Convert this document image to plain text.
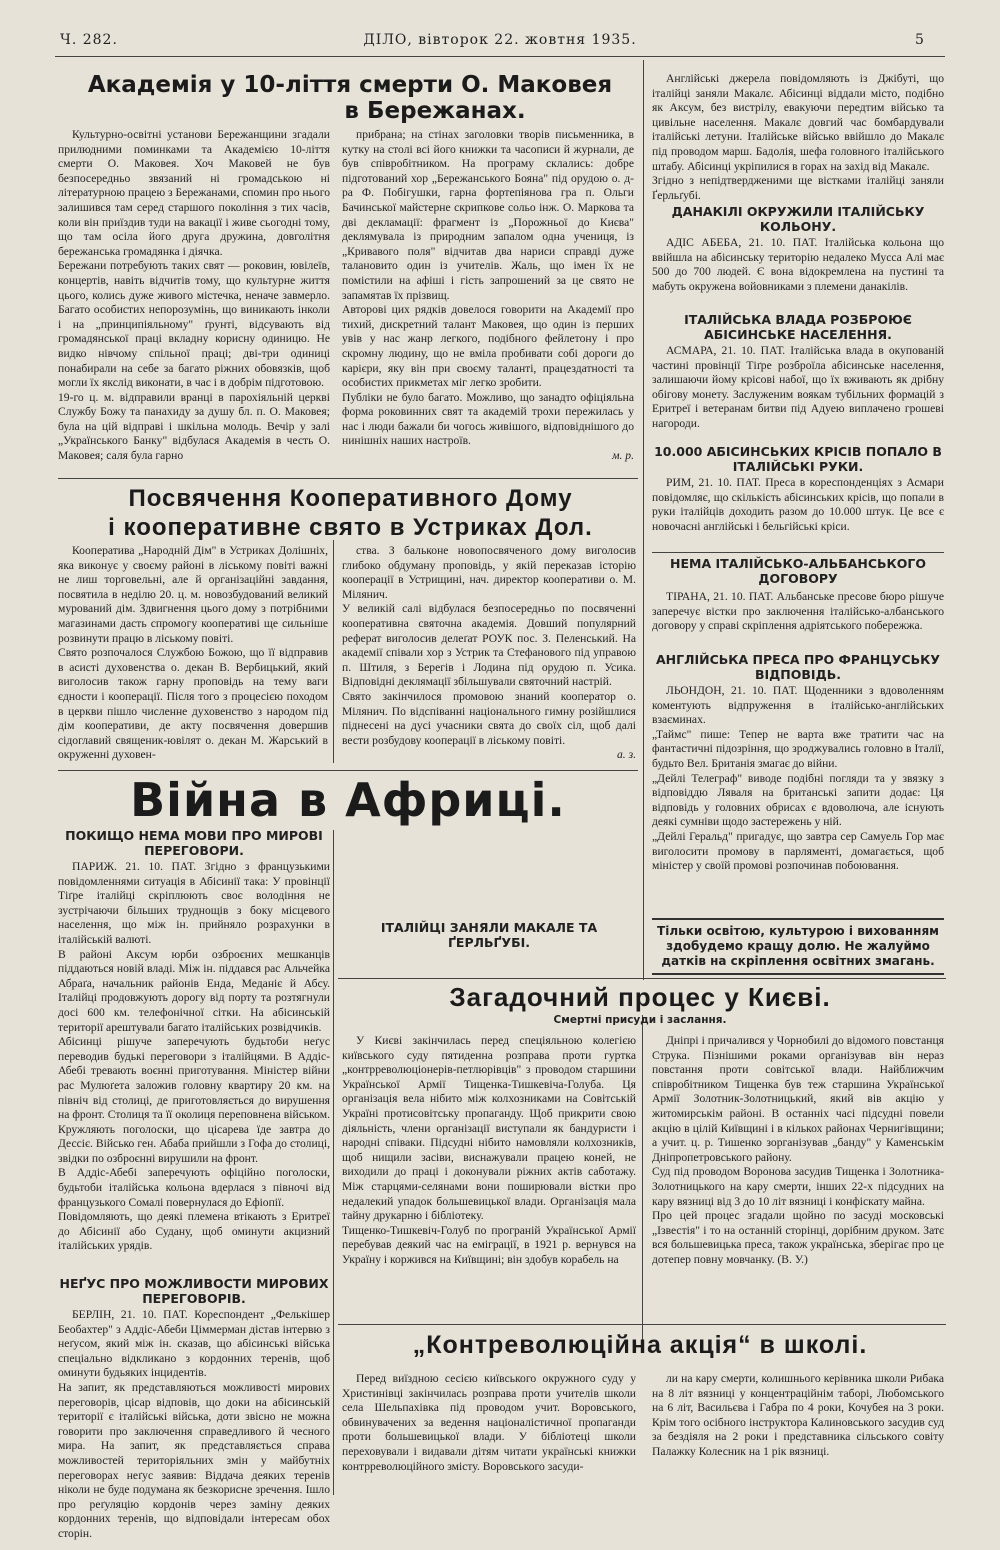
Ч. 282.	ДІЛО, вівторок 22. жовтня 1935.	5
Академія у 10-ліття смерти О. Маковея
в Бережанах.

Культурно-освітні установи Бережанщини згадали прилюдними поминками та Академією 10-ліття смерти О. Маковея. Хоч Маковей не був безпосередньо звязаний ні громадською ні літературною працею з Бережанами, спомин про нього залишився там серед старшого покоління з тих часів, коли він приїздив туди на вакації і живе сьогодні тому, що там осіла його друга дружина, довголітня бережанська громадянка і діячка.
Бережани потребують таких свят — роковин, ювілеїв, концертів, навіть відчитів тому, що культурне життя цього, колись дуже живого містечка, неначе завмерло. Багато особистих непорозумінь, що виникають інколи і на „принципіяльному" ґрунті, відсувають від громадянської праці вкладну корисну одиницю. Не видко нівчому спільної праці; дві-три одиниці понабирали на себе за багато ріжних обовязків, щоб могли їх якслід виконати, в час і в добрім підготовою.
19-го ц. м. відправили вранці в парохіяльній церкві Службу Божу та панахиду за душу бл. п. О. Маковея; була на цій відправі і шкільна молодь. Вечір у залі „Українського Банку" відбулася Академія в честь О. Маковея; саля була гарно

прибрана; на стінах заголовки творів письменника, в кутку на столі всі його книжки та часописи й журнали, де був співробітником. На програму склались: добре підготований хор „Бережанського Бояна" під орудою о. д-ра Ф. Побігушки, гарна фортепіянова гра п. Ольги Бачинської майстерне скрипкове сольо інж. О. Маркова та дві декламації: фрагмент із „Порожньої до Києва" деклямувала із природним запалом одна учениця, із „Кривавого поля" відчитав два нариси справді дуже талановито один із учителів. Жаль, що імен їх не помістили на афіші і гість запрошений за це свято не запамятав їх прізвищ.
Авторові цих рядків довелося говорити на Академії про тихий, дискретний талант Маковея, що один із перших увів у нас жанр легкого, подібного фейлетону і про скромну людину, що не вміла пробивати собі дороги до карієри, яку він при своєму таланті, працездатності та особистих прикметах міг легко зробити.
Публіки не було багато. Можливо, що занадто офіціяльна форма роковинних свят та академій трохи пережилась у нас і люди бажали би чогось живішого, відповіднішого до нинішніх наших настроїв.

м. р.

Посвячення Кооперативного Дому
і кооперативне свято в Устриках Дол.

Кооператива „Народній Дім" в Устриках Долішніх, яка виконує у своєму районі в ліському повіті важні не лиш торговельні, але й організаційні завдання, посвятила в неділю 20. ц. м. новозбудований великий мурований дім. Здвигнення цього дому з потрібними магазинами дасть спромогу кооперативі ще сильніше розвинути працю в ліському повіті.
Свято розпочалося Службою Божою, що її відправив в асисті духовенства о. декан В. Вербицький, який виголосив також гарну проповідь на тему ваги єдности і кооперації. Після того з процесією походом в церкви пішло численне духовенство з народом під дім кооперативи, де акту посвячення довершив сідоглавий священик-ювілят о. декан М. Жарський в окруженні духовен-

ства. З бальконe новопосвяченого дому виголосив глибоко обдуману проповідь, у якій переказав історію кооперації в Устрищині, нач. директор кооперативи о. М. Мілянич.
У великій салі відбулася безпосередньо по посвяченні кооперативна святочна академія. Довший популярний реферат виголосив делеґат РОУК пос. З. Пеленський. На академії співали хор з Устрик та Стефанового під управою п. Штиля, з Берегів і Лодина під орудою п. Усика. Відповідні деклямації збільшували святочний настрій.
Свято закінчилося промовою знаний кооператор о. Мілянич. По відспіванні національного гимну розійшлися піднесені на дусі учасники свята до своїх сіл, щоб далі вести розбудову кооперації в ліському повіті.

а. з.

Війна в Африці.
ПОКИЩО НЕМА МОВИ ПРО МИРОВІ ПЕРЕГОВОРИ.

ПАРИЖ. 21. 10. ПАТ. Згідно з французькими повідомленнями ситуація в Абісинії така: У провінції Тіґре італійці скріплюють своє володіння не зустрічаючи більших труднощів з боку місцевого населення, що між ін. прийняло розраxунки в італійській валюті.
В районі Аксум юрби озброєних мешканців піддаються новій владі. Між ін. піддався рас Альчейка Абраґа, начальник районів Енда, Меданіє й Абсу. Італійці продовжують дорогу від порту та розтягнули досі 600 км. телефонічної сітки. На абісинській території арештували багато італійських розвідчиків.
Абісинці рішуче заперечують будьтоби неґус переводив будькі переговори з італійцями. В Аддіс-Абебі тревають воєнні приготування. Міністер війни рас Мулюґета заложив головну квартиру 20 км. на північ від столиці, де приготовляється до вирушення на фронт. Столиця та її околиця переповнена військом. Кружляють поголоски, що цісарева їде завтра до Дессіє. Військо ген. Абаба прийшли з Гофа до столиці, звідки по озброєнні вирушили на фронт.
В Аддіс-Абебі заперечують офіційно поголоски, будьтоби італійська кольона вдерлася з півночі від французького Сомалі повернулася до Ефіопії.
Повідомляють, що деякі племена втікають з Еритреї до Абісинії або Судану, щоб оминути акцизний італійських урядів.

НЕҐУС ПРО МОЖЛИВОСТИ МИРОВИХ ПЕРЕГОВОРІВ.

БЕРЛІН, 21. 10. ПАТ. Кореспондент „Фелькішер Беобахтер" з Аддіс-Абеби Ціммерман дістав інтервю з неґусом, який між ін. сказав, що абісинські війська спеціально відкликано з кордонних теренів, щоб оминути будьяких інцидентів.
На запит, як представляються можливості мирових переговорів, цісар відповів, що доки на абісинській території є італійські війська, доти звісно не можна говорити про заключення справедливого й чесного мира. На запит, як представляється справа можливостей територіяльних змін у майбутніх переговорах неґус заявив: Віддача деяких теренів ніколи не буде подумана як безкорисне зречення. Ішло про реґуляцію кордонів через заміну деяких кордонних теренів, що відповідали інтересам обох сторін.

ІТАЛІЙЦІ ЗАНЯЛИ МАКАЛЕ ТА ҐЕРЛЬҐУБІ.

Англійські джерела повідомляють із Джібуті, що італійці заняли Макалє. Абісинці віддали місто, подібно як Аксум, без вистрілу, евакуючи передтим військо та цивільне населення. Макалє довгий час бомбардували італійські летуни. Італійське військо ввійшло до Макалє під проводом марш. Бадолія, шефа головного італійського штабу. Абісинці укріпилися в горах на захід від Макалє.
Згідно з непідтвердженими ще вістками італійці заняли Ґерльґубі.

ДАНАКІЛІ ОКРУЖИЛИ ІТАЛІЙСЬКУ КОЛЬОНУ.

АДІС АБЕБА, 21. 10. ПАТ. Італійська кольона що ввійшла на абісинську територію недалеко Мусса Алі має 500 до 700 людей. Є вона відокремлена на пустині та мабуть окружена войовниками з племени данакілів.

ІТАЛІЙСЬКА ВЛАДА РОЗБРОЮЄ АБІСИНСЬКЕ НАСЕЛЕННЯ.

АСМАРА, 21. 10. ПАТ. Італійська влада в окупованій частині провінції Тіґре розброїла абісинське населення, залишаючи йому крісові набої, що їх вживають як дрібну обігову монету. Заслуженим воякам тубільних формацій з Еритреї і ветеранам битви під Адуею виплачено грошеві нагороди.

10.000 АБІСИНСЬКИХ КРІСІВ ПОПАЛО В ІТАЛІЙСЬКІ РУКИ.

РИМ, 21. 10. ПАТ. Преса в кореспонденціях з Асмари повідомляє, що скількість абісинських крісів, що попали в руки італійців доходить разом до 10.000 штук. Це все є новочасні англійські і бельгійські кріси.

НЕМА ІТАЛІЙСЬКО-АЛЬБАНСЬКОГО ДОГОВОРУ

ТІРАНА, 21. 10. ПАТ. Альбанське пресове бюро рішуче заперечує вістки про заключення італійсько-албанського договору у справі скріплення адріятського побережжа.

АНГЛІЙСЬКА ПРЕСА ПРО ФРАНЦУСЬКУ ВІДПОВІДЬ.

ЛЬОНДОН, 21. 10. ПАТ. Щоденники з вдоволенням коментують відпруження в італійсько-англійських взаєминах.
„Таймс" пише: Тепер не варта вже тратити час на фантастичні підозріння, що зроджувались головно в Італії, будьто Вел. Британія змагає до війни.
„Дейлі Телеграф" виводе подібні погляди та у звязку з відповіддю Ляваля на британські запити додає: Ця відповідь у головних обрисах є вдоволюча, але існують деякі сумніви щодо застережень у ній.
„Дейлі Геральд" пригадує, що завтра сер Самуель Гор має виголосити промову в парляменті, домагається, щоб міністер у своїй промові розпочинав побоювання.

Тільки освітою, культурою і вихованням здобудемо кращу долю. Не жалуймо датків на скріплення освітних змагань.
Загадочний процес у Києві.
Смертні присуди і заслання.

У Києві закінчилась перед спеціяльною колегією київського суду пятиденна розправа проти гуртка „контрреволюціонерів-петлюрівців" з проводом старшини Української Армії Тищенка-Тишкевіча-Голуба. Ця організація вела нібито між колхозниками на Совітській Україні протисовітську пропаганду. Щоб прикрити свою діяльність, члени організації виступали як бандуристи і народні співаки. Підсудні нібито намовляли колхозників, щоб нищили засіви, виснажували працею коней, не виходили до праці і доконували ріжних актів саботажу. Між старцями-селянами вони поширювали вістки про недалекий упадок большевицької влади. Організація мала тайну друкарню і бібліотеку.
Тищенко-Тишкевіч-Голуб по програній Української Армії перебував деякий час на еміграції, в 1921 р. вернувся на Україну і коржився на Київщині; він здобув корабель на

Дніпрі і причалився у Чорнобилі до відомого повстанця Струка. Пізнішими роками організував він нераз повстання проти совітської влади. Найближчим співробітником Тищенка був теж старшина Української Армії Золотник-Золотницький, який вів акцію у житомирськім районі. В останніх часі підсудні повели акцію в цілій Київщині і в кількох районах Чернигівщини; а учит. ц. р. Тишенко зорганізував „банду" у Каменськім Дніпропетровського району.
Суд під проводом Воронова засудив Тищенка і Золотника-Золотницького на кару смерти, інших 22-х підсудних на кару вязниці від 3 до 10 літ вязниці і конфіскату майна.
Про цей процес згадали щойно по засуді московські „Ізвестія" і то на останній сторінці, дорібним друком. Затє вся большевицька преса, також українська, зберігає про це дотепер повну мовчанку. (В. У.)

„Контреволюційна акція“ в школі.

Перед виїздною сесією київського окружного суду у Христинівці закінчилась розправа проти учителів школи села Шельпахівка під проводом учит. Воровського, обвинувачених за ведення націоналістичної пропаганди проти большевицької влади. У бібліотеці школи переховували і видавали дітям читати українські книжки контрреволюційного змісту. Воровського засуди-

ли на кару смерти, колишнього керівника школи Рибака на 8 літ вязниці у концентраційнім таборі, Любомського на 6 літ, Васильєва і Габра по 4 роки, Кочубея на 3 роки. Крім того осібного інструктора Калиновського засудив суд за бездіяля на 2 роки і представника сільського совіту Палажку Колесник на 1 рік вязниці.
